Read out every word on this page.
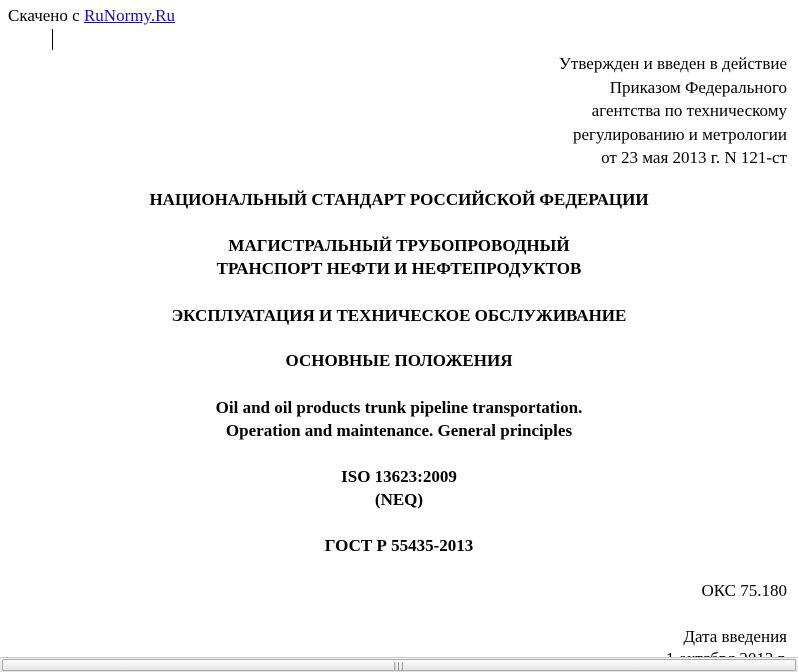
Скачено с RuNormy.Ru
Утвержден и введен в действие
Приказом Федерального
агентства по техническому
регулированию и метрологии
от 23 мая 2013 г. N 121-ст
НАЦИОНАЛЬНЫЙ СТАНДАРТ РОССИЙСКОЙ ФЕДЕРАЦИИ
МАГИСТРАЛЬНЫЙ ТРУБОПРОВОДНЫЙ
ТРАНСПОРТ НЕФТИ И НЕФТЕПРОДУКТОВ
ЭКСПЛУАТАЦИЯ И ТЕХНИЧЕСКОЕ ОБСЛУЖИВАНИЕ
ОСНОВНЫЕ ПОЛОЖЕНИЯ
Oil and oil products trunk pipeline transportation.
Operation and maintenance. General principles
ISO 13623:2009
(NEQ)
ГОСТ Р 55435-2013
ОКС 75.180
Дата введения
|||
